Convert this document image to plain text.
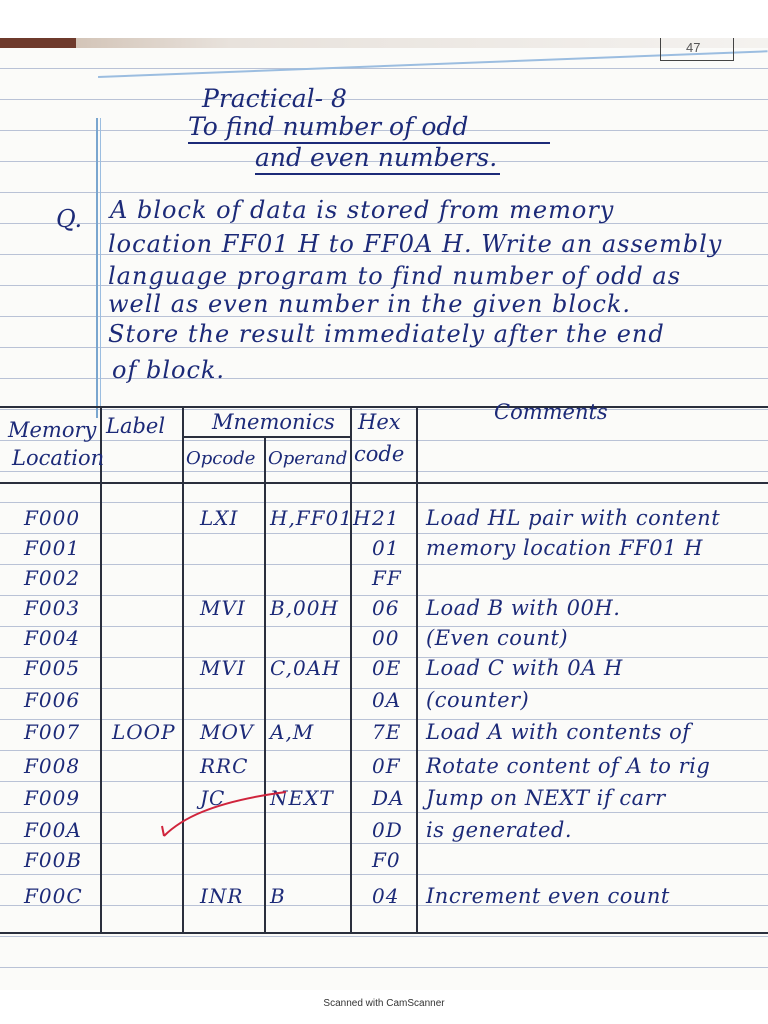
47
Practical- 8
To find number of odd
and even numbers.
Q. A block of data is stored from memory
location FF01 H to FF0A H. Write an assembly
language program to find number of odd as
well as even number in the given block.
Store the result immediately after the end
of block.
Memory
Location
Label Mnemonics
Opcode Operand
Hex
code
Comments
F000	LXI H,FF01H 21 Load HL pair with content
F001	01 memory location FF01 H
F002	FF
F003	MVI B,00H 06 Load B with 00H.
F004	00 (Even count)
F005	MVI C,0AH 0E Load C with 0A H
F006	0A (counter)
F007 LOOP MOV A,M	7E Load A with contents of
F008	RRC	0F Rotate content of A to rig
F009	JC NEXT DA Jump on NEXT if carr
F00A	0D is generated.
F00B	F0
F00C	INR B	04 Increment even count
Scanned with CamScanner
